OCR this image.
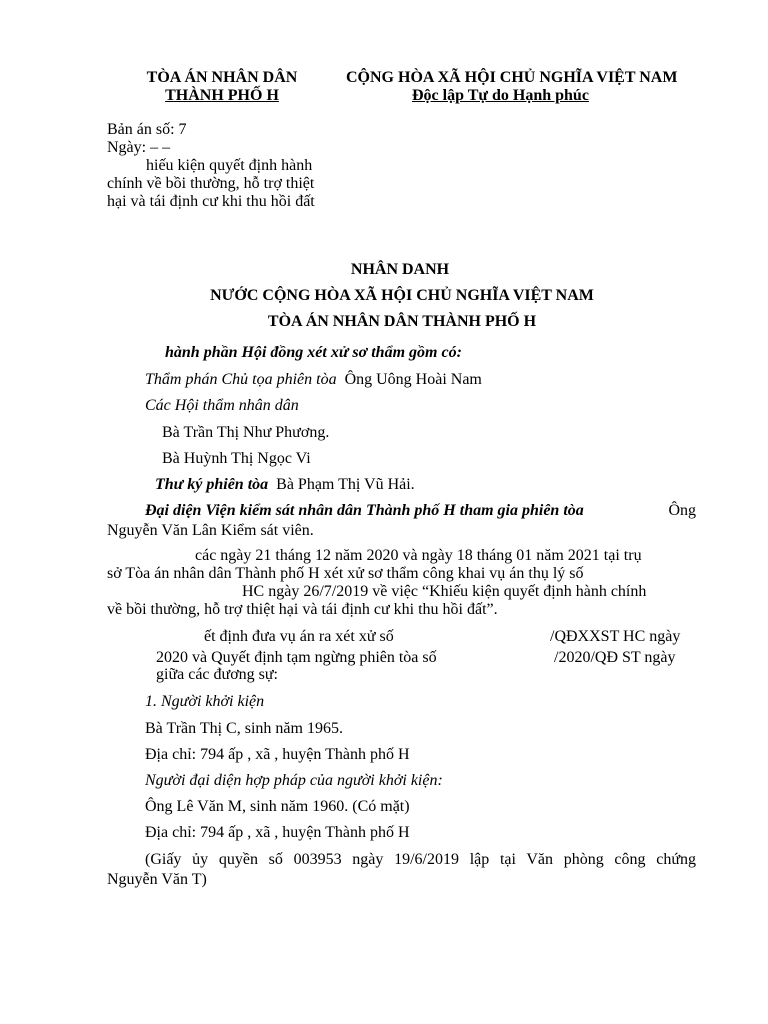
TÒA ÁN NHÂN DÂN
THÀNH PHỐ H
CỘNG HÒA XÃ HỘI CHỦ NGHĨA VIỆT NAM
Độc lập Tự do Hạnh phúc
Bản án số: 7
Ngày: – –
hiếu kiện quyết định hành
chính về bồi thường, hỗ trợ thiệt
hại và tái định cư khi thu hồi đất
NHÂN DANH
NƯỚC CỘNG HÒA XÃ HỘI CHỦ NGHĨA VIỆT NAM
TÒA ÁN NHÂN DÂN THÀNH PHỐ H
hành phần Hội đồng xét xử sơ thẩm gồm có:
Thẩm phán Chủ tọa phiên tòa Ông Uông Hoài Nam
Các Hội thẩm nhân dân
Bà Trần Thị Như Phương.
Bà Huỳnh Thị Ngọc Vi
Thư ký phiên tòa Bà Phạm Thị Vũ Hải.
Đại diện Viện kiểm sát nhân dân Thành phố H tham gia phiên tòa	Ông
Nguyễn Văn Lân Kiểm sát viên.
các ngày 21 tháng 12 năm 2020 và ngày 18 tháng 01 năm 2021 tại trụ
sở Tòa án nhân dân Thành phố H xét xử sơ thẩm công khai vụ án thụ lý số
HC ngày 26/7/2019 về việc “Khiếu kiện quyết định hành chính
về bồi thường, hỗ trợ thiệt hại và tái định cư khi thu hồi đất”.
ết định đưa vụ án ra xét xử số	/QĐXXST HC ngày
2020 và Quyết định tạm ngừng phiên tòa số	/2020/QĐ ST ngày
giữa các đương sự:
1. Người khởi kiện
Bà Trần Thị C, sinh năm 1965.
Địa chỉ: 794 ấp , xã , huyện Thành phố H
Người đại diện hợp pháp của người khởi kiện:
Ông Lê Văn M, sinh năm 1960. (Có mặt)
Địa chỉ: 794 ấp , xã , huyện Thành phố H
(Giấy ủy quyền số 003953 ngày 19/6/2019 lập tại Văn phòng công chứng
Nguyễn Văn T)
